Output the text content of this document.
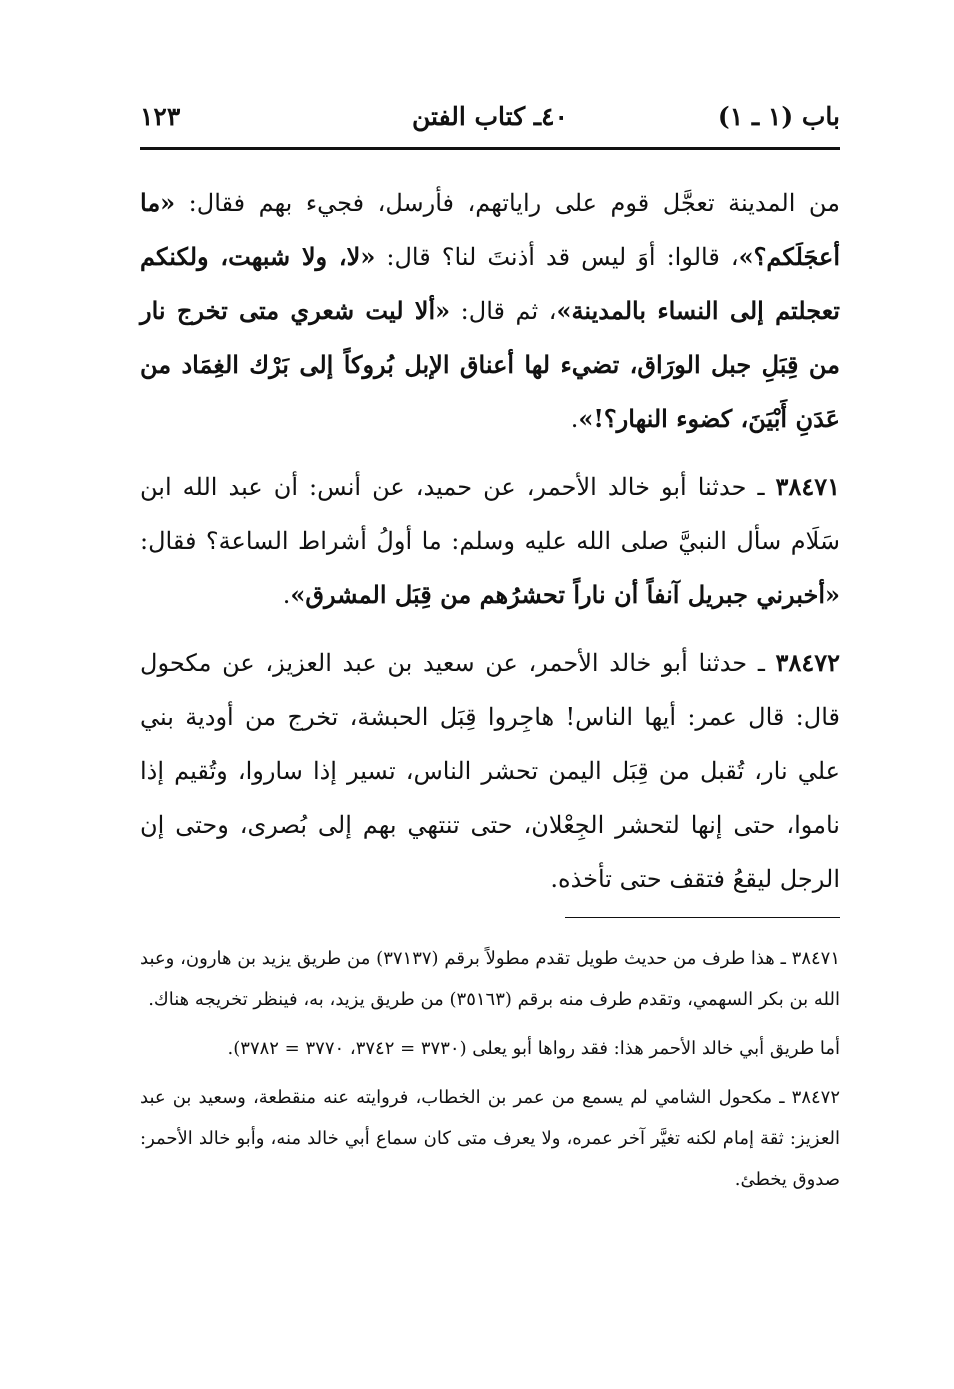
باب (١ ـ ١)
٤٠ـ كتاب الفتن
١٢٣

من المدينة تعجَّل قوم على راياتهم، فأرسل، فجيء بهم فقال: «ما أعجَلَكم؟»، قالوا: أوَ ليس قد أذنتَ لنا؟ قال: «لا، ولا شبهت، ولكنكم تعجلتم إلى النساء بالمدينة»، ثم قال: «ألا ليت شعري متى تخرج نار من قِبَلِ جبل الورَاق، تضيء لها أعناق الإبل بُروكاً إلى بَرْك الغِمَاد من عَدَنِ أَبْيَنَ، كضوء النهار؟!».

٣٨٤٧١ ـ حدثنا أبو خالد الأحمر، عن حميد، عن أنس: أن عبد الله ابن سَلَام سأل النبيَّ صلى الله عليه وسلم: ما أولُ أشراط الساعة؟ فقال: «أخبرني جبريل آنفاً أن ناراً تحشرُهم من قِبَل المشرق».

٣٨٤٧٢ ـ حدثنا أبو خالد الأحمر، عن سعيد بن عبد العزيز، عن مكحول قال: قال عمر: أيها الناس! هاجِروا قِبَل الحبشة، تخرج من أودية بني علي نار، تُقبل من قِبَل اليمن تحشر الناس، تسير إذا ساروا، وتُقيم إذا ناموا، حتى إنها لتحشر الجِعْلان، حتى تنتهي بهم إلى بُصرى، وحتى إن الرجل ليقعُ فتقف حتى تأخذه.

٣٨٤٧١ ـ هذا طرف من حديث طويل تقدم مطولاً برقم (٣٧١٣٧) من طريق يزيد بن هارون، وعبد الله بن بكر السهمي، وتقدم طرف منه برقم (٣٥١٦٣) من طريق يزيد، به، فينظر تخريجه هناك.

أما طريق أبي خالد الأحمر هذا: فقد رواها أبو يعلى (٣٧٣٠ = ٣٧٤٢، ٣٧٧٠ = ٣٧٨٢).

٣٨٤٧٢ ـ مكحول الشامي لم يسمع من عمر بن الخطاب، فروايته عنه منقطعة، وسعيد بن عبد العزيز: ثقة إمام لكنه تغيَّر آخر عمره، ولا يعرف متى كان سماع أبي خالد منه، وأبو خالد الأحمر: صدوق يخطئ.
